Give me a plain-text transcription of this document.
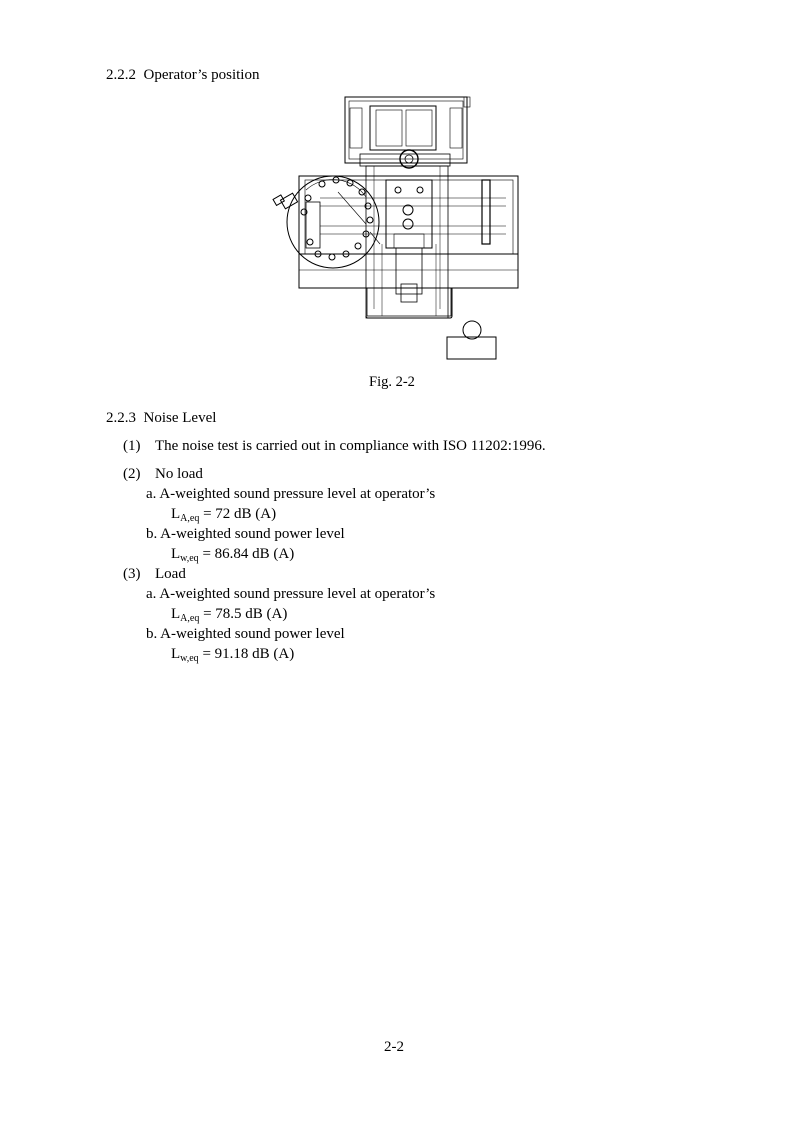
2.2.2 Operator’s position
Fig. 2-2
2.2.3 Noise Level
(1) The noise test is carried out in compliance with ISO 11202:1996.
(2) No load
a. A-weighted sound pressure level at operator’s
$L_{A,eq} = 72$ dB (A)
b. A-weighted sound power level
$L_{w,eq} = 86.84$ dB (A)
(3) Load
a. A-weighted sound pressure level at operator’s
$L_{A,eq} = 78.5$ dB (A)
b. A-weighted sound power level
$L_{w,eq} = 91.18$ dB (A)
2-2
